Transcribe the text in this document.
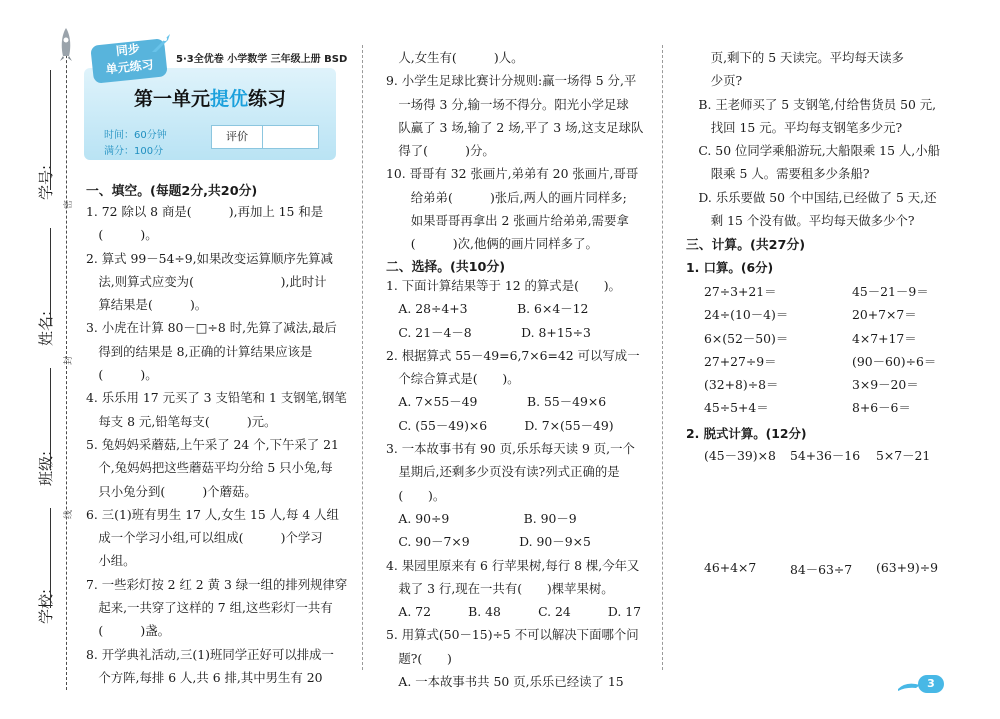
学号:
姓名:
班级:
学校:
密
封
线
同步
单元练习	5·3全优卷 小学数学 三年级上册 BSD
第一单元提优练习
时间：60分钟
满分：100分
评价
一、填空。(每题2分,共20分)
1. 72 除以 8 商是(　　　),再加上 15 和是
　(　　　)。
2. 算式 99－54÷9,如果改变运算顺序先算减
　法,则算式应变为(　　　　　　　),此时计
　算结果是(　　　)。
3. 小虎在计算 80－□÷8 时,先算了减法,最后
　得到的结果是 8,正确的计算结果应该是
　(　　　)。
4. 乐乐用 17 元买了 3 支铅笔和 1 支钢笔,钢笔
　每支 8 元,铅笔每支(　　　)元。
5. 兔妈妈采蘑菇,上午采了 24 个,下午采了 21
　个,兔妈妈把这些蘑菇平均分给 5 只小兔,每
　只小兔分到(　　　)个蘑菇。
6. 三(1)班有男生 17 人,女生 15 人,每 4 人组
　成一个学习小组,可以组成(　　　)个学习
　小组。
7. 一些彩灯按 2 红 2 黄 3 绿一组的排列规律穿
　起来,一共穿了这样的 7 组,这些彩灯一共有
　(　　　)盏。
8. 开学典礼活动,三(1)班同学正好可以排成一
　个方阵,每排 6 人,共 6 排,其中男生有 20
　人,女生有(　　　)人。
9. 小学生足球比赛计分规则:赢一场得 5 分,平
　一场得 3 分,输一场不得分。阳光小学足球
　队赢了 3 场,输了 2 场,平了 3 场,这支足球队
　得了(　　　)分。
10. 哥哥有 32 张画片,弟弟有 20 张画片,哥哥
　　给弟弟(　　　)张后,两人的画片同样多;
　　如果哥哥再拿出 2 张画片给弟弟,需要拿
　　(　　　)次,他俩的画片同样多了。
二、选择。(共10分)
1. 下面计算结果等于 12 的算式是(　　)。
　A. 28÷4+3　　　　B. 6×4－12
　C. 21－4－8　　　　D. 8+15÷3
2. 根据算式 55－49=6,7×6=42 可以写成一
　个综合算式是(　　)。
　A. 7×55－49　　　　B. 55－49×6
　C. (55－49)×6　　　D. 7×(55－49)
3. 一本故事书有 90 页,乐乐每天读 9 页,一个
　星期后,还剩多少页没有读?列式正确的是
　(　　)。
　A. 90÷9　　　　　　B. 90－9
　C. 90－7×9　　　　D. 90－9×5
4. 果园里原来有 6 行苹果树,每行 8 棵,今年又
　栽了 3 行,现在一共有(　　)棵苹果树。
　A. 72　　　B. 48　　　C. 24　　　D. 17
5. 用算式(50－15)÷5 不可以解决下面哪个问
　题?(　　)
　A. 一本故事书共 50 页,乐乐已经读了 15
　　页,剩下的 5 天读完。平均每天读多
　　少页?
　B. 王老师买了 5 支钢笔,付给售货员 50 元,
　　找回 15 元。平均每支钢笔多少元?
　C. 50 位同学乘船游玩,大船限乘 15 人,小船
　　限乘 5 人。需要租多少条船?
　D. 乐乐要做 50 个中国结,已经做了 5 天,还
　　剩 15 个没有做。平均每天做多少个?
三、计算。(共27分)
1. 口算。(6分)
27÷3+21＝
24÷(10－4)＝
6×(52－50)＝
27+27÷9＝
(32+8)÷8＝
45÷5+4＝
45－21－9＝
20+7×7＝
4×7+17＝
(90－60)÷6＝
3×9－20＝
8+6－6＝
2. 脱式计算。(12分)
(45－39)×8 54+36－16 5×7－21
46+4×7	84－63÷7 (63+9)÷9
3
